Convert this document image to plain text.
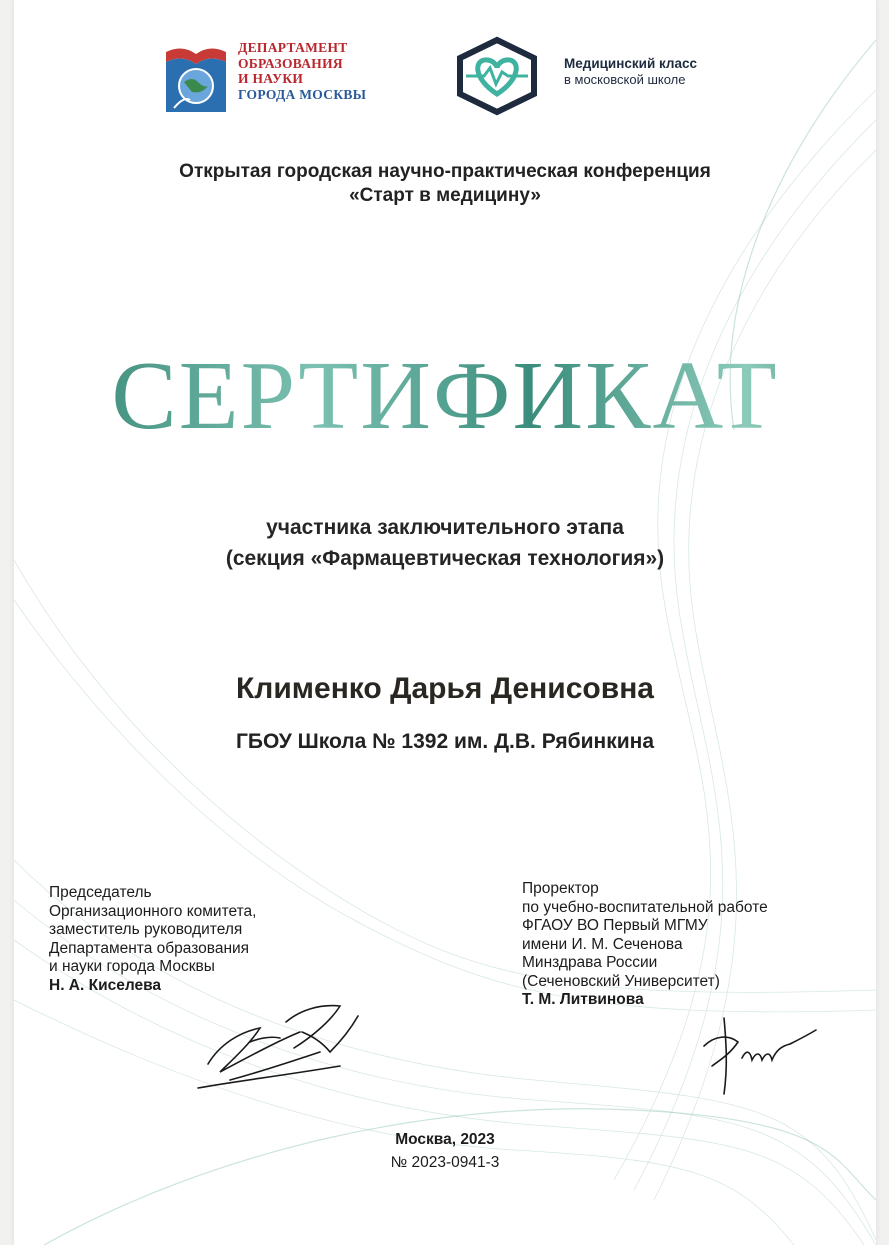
ДЕПАРТАМЕНТ
ОБРАЗОВАНИЯ
И НАУКИ
ГОРОДА МОСКВЫ
Медицинский класс
в московской школе
Открытая городская научно-практическая конференция
«Старт в медицину»
СЕРТИФИКАТ
участника заключительного этапа
(секция «Фармацевтическая технология»)
Клименко Дарья Денисовна
ГБОУ Школа № 1392 им. Д.В. Рябинкина
Председатель
Организационного комитета,
заместитель руководителя
Департамента образования
и науки города Москвы
Н. А. Киселева
Проректор
по учебно-воспитательной работе
ФГАОУ ВО Первый МГМУ
имени И. М. Сеченова
Минздрава России
(Сеченовский Университет)
Т. М. Литвинова
Москва, 2023
№ 2023-0941-3
